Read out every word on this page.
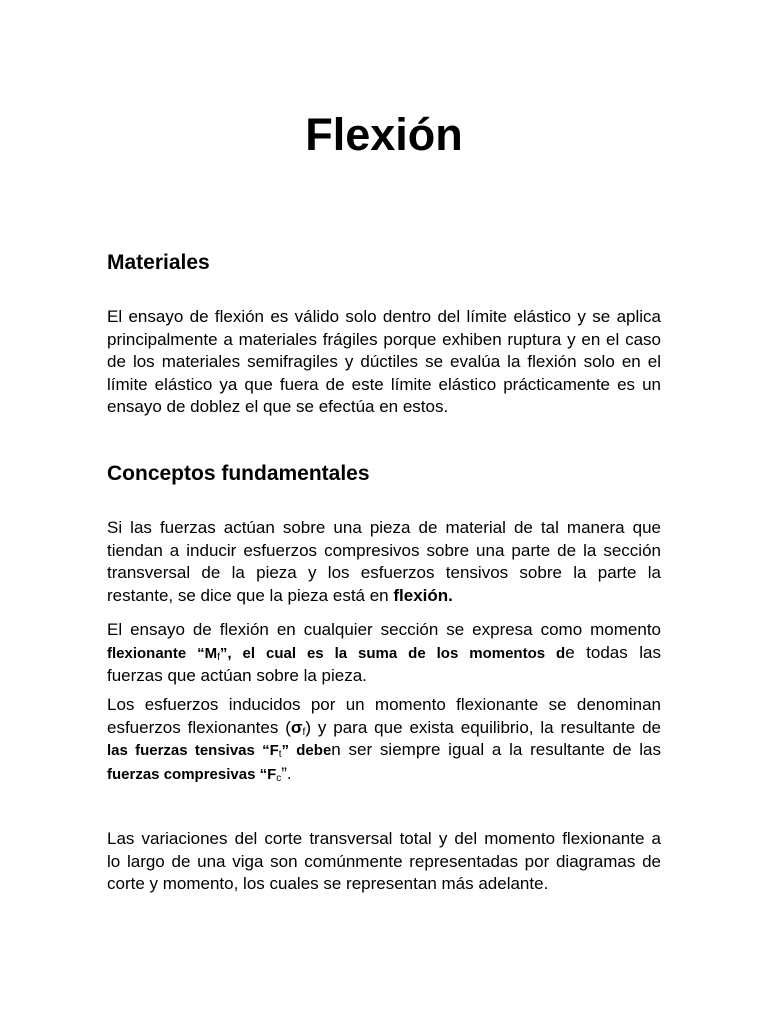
Flexión
Materiales
El ensayo de flexión es válido solo dentro del límite elástico y se aplica
principalmente a materiales frágiles porque exhiben ruptura y en el caso
de los materiales semifragiles y dúctiles se evalúa la flexión solo en el
límite elástico ya que fuera de este límite elástico prácticamente es un
ensayo de doblez el que se efectúa en estos.
Conceptos fundamentales
Si las fuerzas actúan sobre una pieza de material de tal manera que
tiendan a inducir esfuerzos compresivos sobre una parte de la sección
transversal de la pieza y los esfuerzos tensivos sobre la parte la
restante, se dice que la pieza está en flexión.
El ensayo de flexión en cualquier sección se expresa como momento
flexionante “$M_f$”, el cual es la suma de los momentos de todas las
fuerzas que actúan sobre la pieza.
Los esfuerzos inducidos por un momento flexionante se denominan
esfuerzos flexionantes $(\sigma_f)$ y para que exista equilibrio, la resultante de
las fuerzas tensivas “$F_t$” deben ser siempre igual a la resultante de las
fuerzas compresivas “$F_c$”.
Las variaciones del corte transversal total y del momento flexionante a
lo largo de una viga son comúnmente representadas por diagramas de
corte y momento, los cuales se representan más adelante.
